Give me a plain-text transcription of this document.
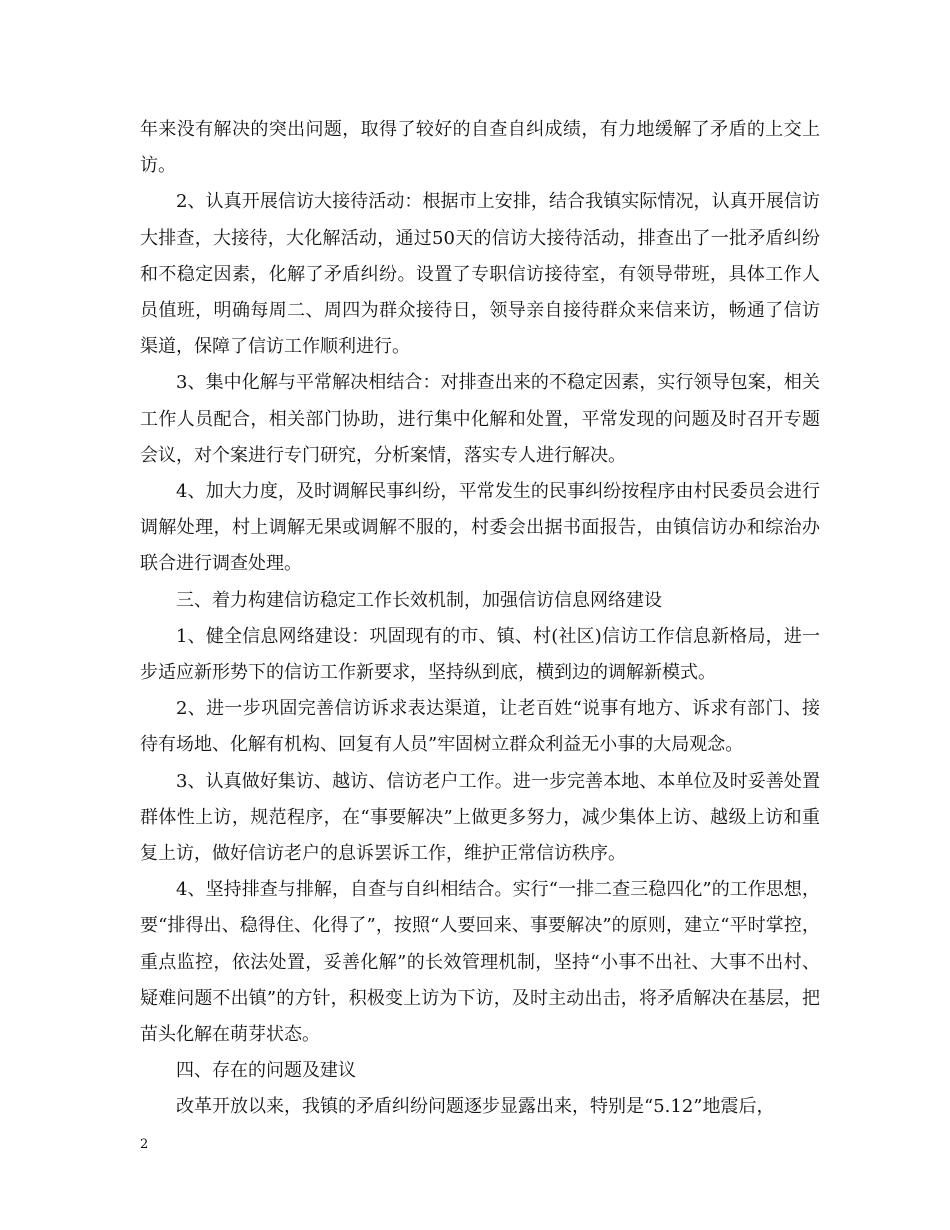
年来没有解决的突出问题，取得了较好的自查自纠成绩，有力地缓解了矛盾的上交上访。

2、认真开展信访大接待活动：根据市上安排，结合我镇实际情况，认真开展信访大排查，大接待，大化解活动，通过50天的信访大接待活动，排查出了一批矛盾纠纷和不稳定因素，化解了矛盾纠纷。设置了专职信访接待室，有领导带班，具体工作人员值班，明确每周二、周四为群众接待日，领导亲自接待群众来信来访，畅通了信访渠道，保障了信访工作顺利进行。

3、集中化解与平常解决相结合：对排查出来的不稳定因素，实行领导包案，相关工作人员配合，相关部门协助，进行集中化解和处置，平常发现的问题及时召开专题会议，对个案进行专门研究，分析案情，落实专人进行解决。

4、加大力度，及时调解民事纠纷，平常发生的民事纠纷按程序由村民委员会进行调解处理，村上调解无果或调解不服的，村委会出据书面报告，由镇信访办和综治办联合进行调查处理。

三、着力构建信访稳定工作长效机制，加强信访信息网络建设

1、健全信息网络建设：巩固现有的市、镇、村(社区)信访工作信息新格局，进一步适应新形势下的信访工作新要求，坚持纵到底，横到边的调解新模式。

2、进一步巩固完善信访诉求表达渠道，让老百姓“说事有地方、诉求有部门、接待有场地、化解有机构、回复有人员”牢固树立群众利益无小事的大局观念。

3、认真做好集访、越访、信访老户工作。进一步完善本地、本单位及时妥善处置群体性上访，规范程序，在“事要解决”上做更多努力，减少集体上访、越级上访和重复上访，做好信访老户的息诉罢诉工作，维护正常信访秩序。

4、坚持排查与排解，自查与自纠相结合。实行“一排二查三稳四化”的工作思想，要“排得出、稳得住、化得了”，按照“人要回来、事要解决”的原则，建立“平时掌控，重点监控，依法处置，妥善化解”的长效管理机制，坚持“小事不出社、大事不出村、疑难问题不出镇”的方针，积极变上访为下访，及时主动出击，将矛盾解决在基层，把苗头化解在萌芽状态。

四、存在的问题及建议

改革开放以来，我镇的矛盾纠纷问题逐步显露出来，特别是“5.12”地震后，

2
